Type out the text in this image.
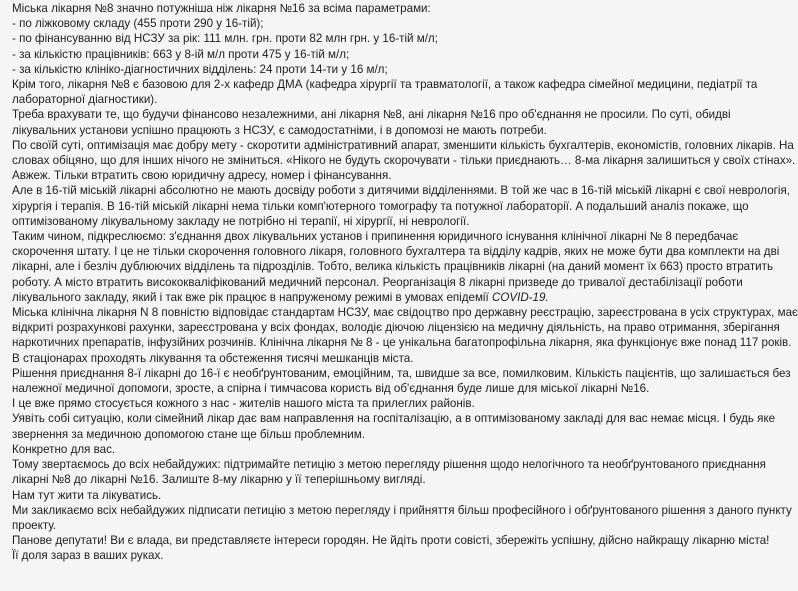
Міська лікарня №8 значно потужніша ніж лікарня №16 за всіма параметрами:

- по ліжковому складу (455 проти 290 у 16-тій);

- по фінансуванню від НСЗУ за рік: 111 млн. грн. проти 82 млн грн. у 16-тій м/л;

- за кількістю працівників: 663 у 8-ій м/л проти 475 у 16-тій м/л;

- за кількістю клініко-діагностичних відділень: 24 проти 14-ти у 16 м/л;

Крім того, лікарня №8 є базовою для 2-х кафедр ДМА (кафедра хірургії та травматології, а також кафедра сімейної медицини, педіатрії та лабораторної діагностики).

Треба врахувати те, що будучи фінансово незалежними, ані лікарня №8, ані лікарня №16 про об'єднання не просили. По суті, обидві лікувальних установи успішно працюють з НСЗУ, є самодостатніми, і в допомозі не мають потреби.

По своїй суті, оптимізація має добру мету - скоротити адміністративний апарат, зменшити кількість бухгалтерів, економістів, головних лікарів. На словах обіцяно, що для інших нічого не зміниться. «Нікого не будуть скорочувати - тільки приєднають… 8-ма лікарня залишиться у своїх стінах». Авжеж. Тільки втратить свою юридичну адресу, номер і фінансування.

Але в 16-тій міській лікарні абсолютно не мають досвіду роботи з дитячими відділеннями. В той же час в 16-тій міській лікарні є свої неврологія, хірургія і терапія. В 16-тій міській лікарні нема тільки комп'ютерного томографу та потужної лабораторії. А подальший аналіз покаже, що оптимізованому лікувальному закладу не потрібно ні терапії, ні хірургії, ні неврології.

Таким чином, підкреслюємо: з'єднання двох лікувальних установ і припинення юридичного існування клінічної лікарні № 8 передбачає скорочення штату. І це не тільки скорочення головного лікаря, головного бухгалтера та відділу кадрів, яких не може бути два комплекти на дві лікарні, але і безліч дублюючих відділень та підрозділів. Тобто, велика кількість працівників лікарні (на даний момент їх 663) просто втратить роботу. А місто втратить висококваліфікований медичний персонал. Реорганізація 8 лікарні призведе до тривалої дестабілізації роботи лікувального закладу, який і так вже рік працює в напруженому режимі в умовах епідемії COVID-19.

Міська клінічна лікарня N 8 повністю відповідає стандартам НСЗУ, має свідоцтво про державну реєстрацію, зареєстрована в усіх структурах, має відкриті розрахункові рахунки, зареєстрована у всіх фондах, володіє діючою ліцензією на медичну діяльність, на право отримання, зберігання наркотичних препаратів, інфузійних розчинів. Клінічна лікарня № 8 - це унікальна багатопрофільна лікарня, яка функціонує вже понад 117 років. В стаціонарах проходять лікування та обстеження тисячі мешканців міста.

Рішення приєднання 8-ї лікарні до 16-ї є необґрунтованим, емоційним, та, швидше за все, помилковим. Кількість пацієнтів, що залишається без належної медичної допомоги, зросте, а спірна і тимчасова користь від об'єднання буде лише для міської лікарні №16.

І це вже прямо стосується кожного з нас - жителів нашого міста та прилеглих районів.

Уявіть собі ситуацію, коли сімейний лікар дає вам направлення на госпіталізацію, а в оптимізованому закладі для вас немає місця. І будь яке звернення за медичною допомогою стане ще більш проблемним.

Конкретно для вас.

Тому звертаємось до всіх небайдужих: підтримайте петицію з метою перегляду рішення щодо нелогічного та необґрунтованого приєднання лікарні №8 до лікарні №16. Залиште 8-му лікарню у її теперішньому вигляді.

Нам тут жити та лікуватись.

Ми закликаємо всіх небайдужих підписати петицію з метою перегляду і прийняття більш професійного і обґрунтованого рішення з даного пункту проекту.

Панове депутати! Ви є влада, ви представляєте інтереси городян. Не йдіть проти совісті, збережіть успішну, дійсно найкращу лікарню міста!

Її доля зараз в ваших руках.
